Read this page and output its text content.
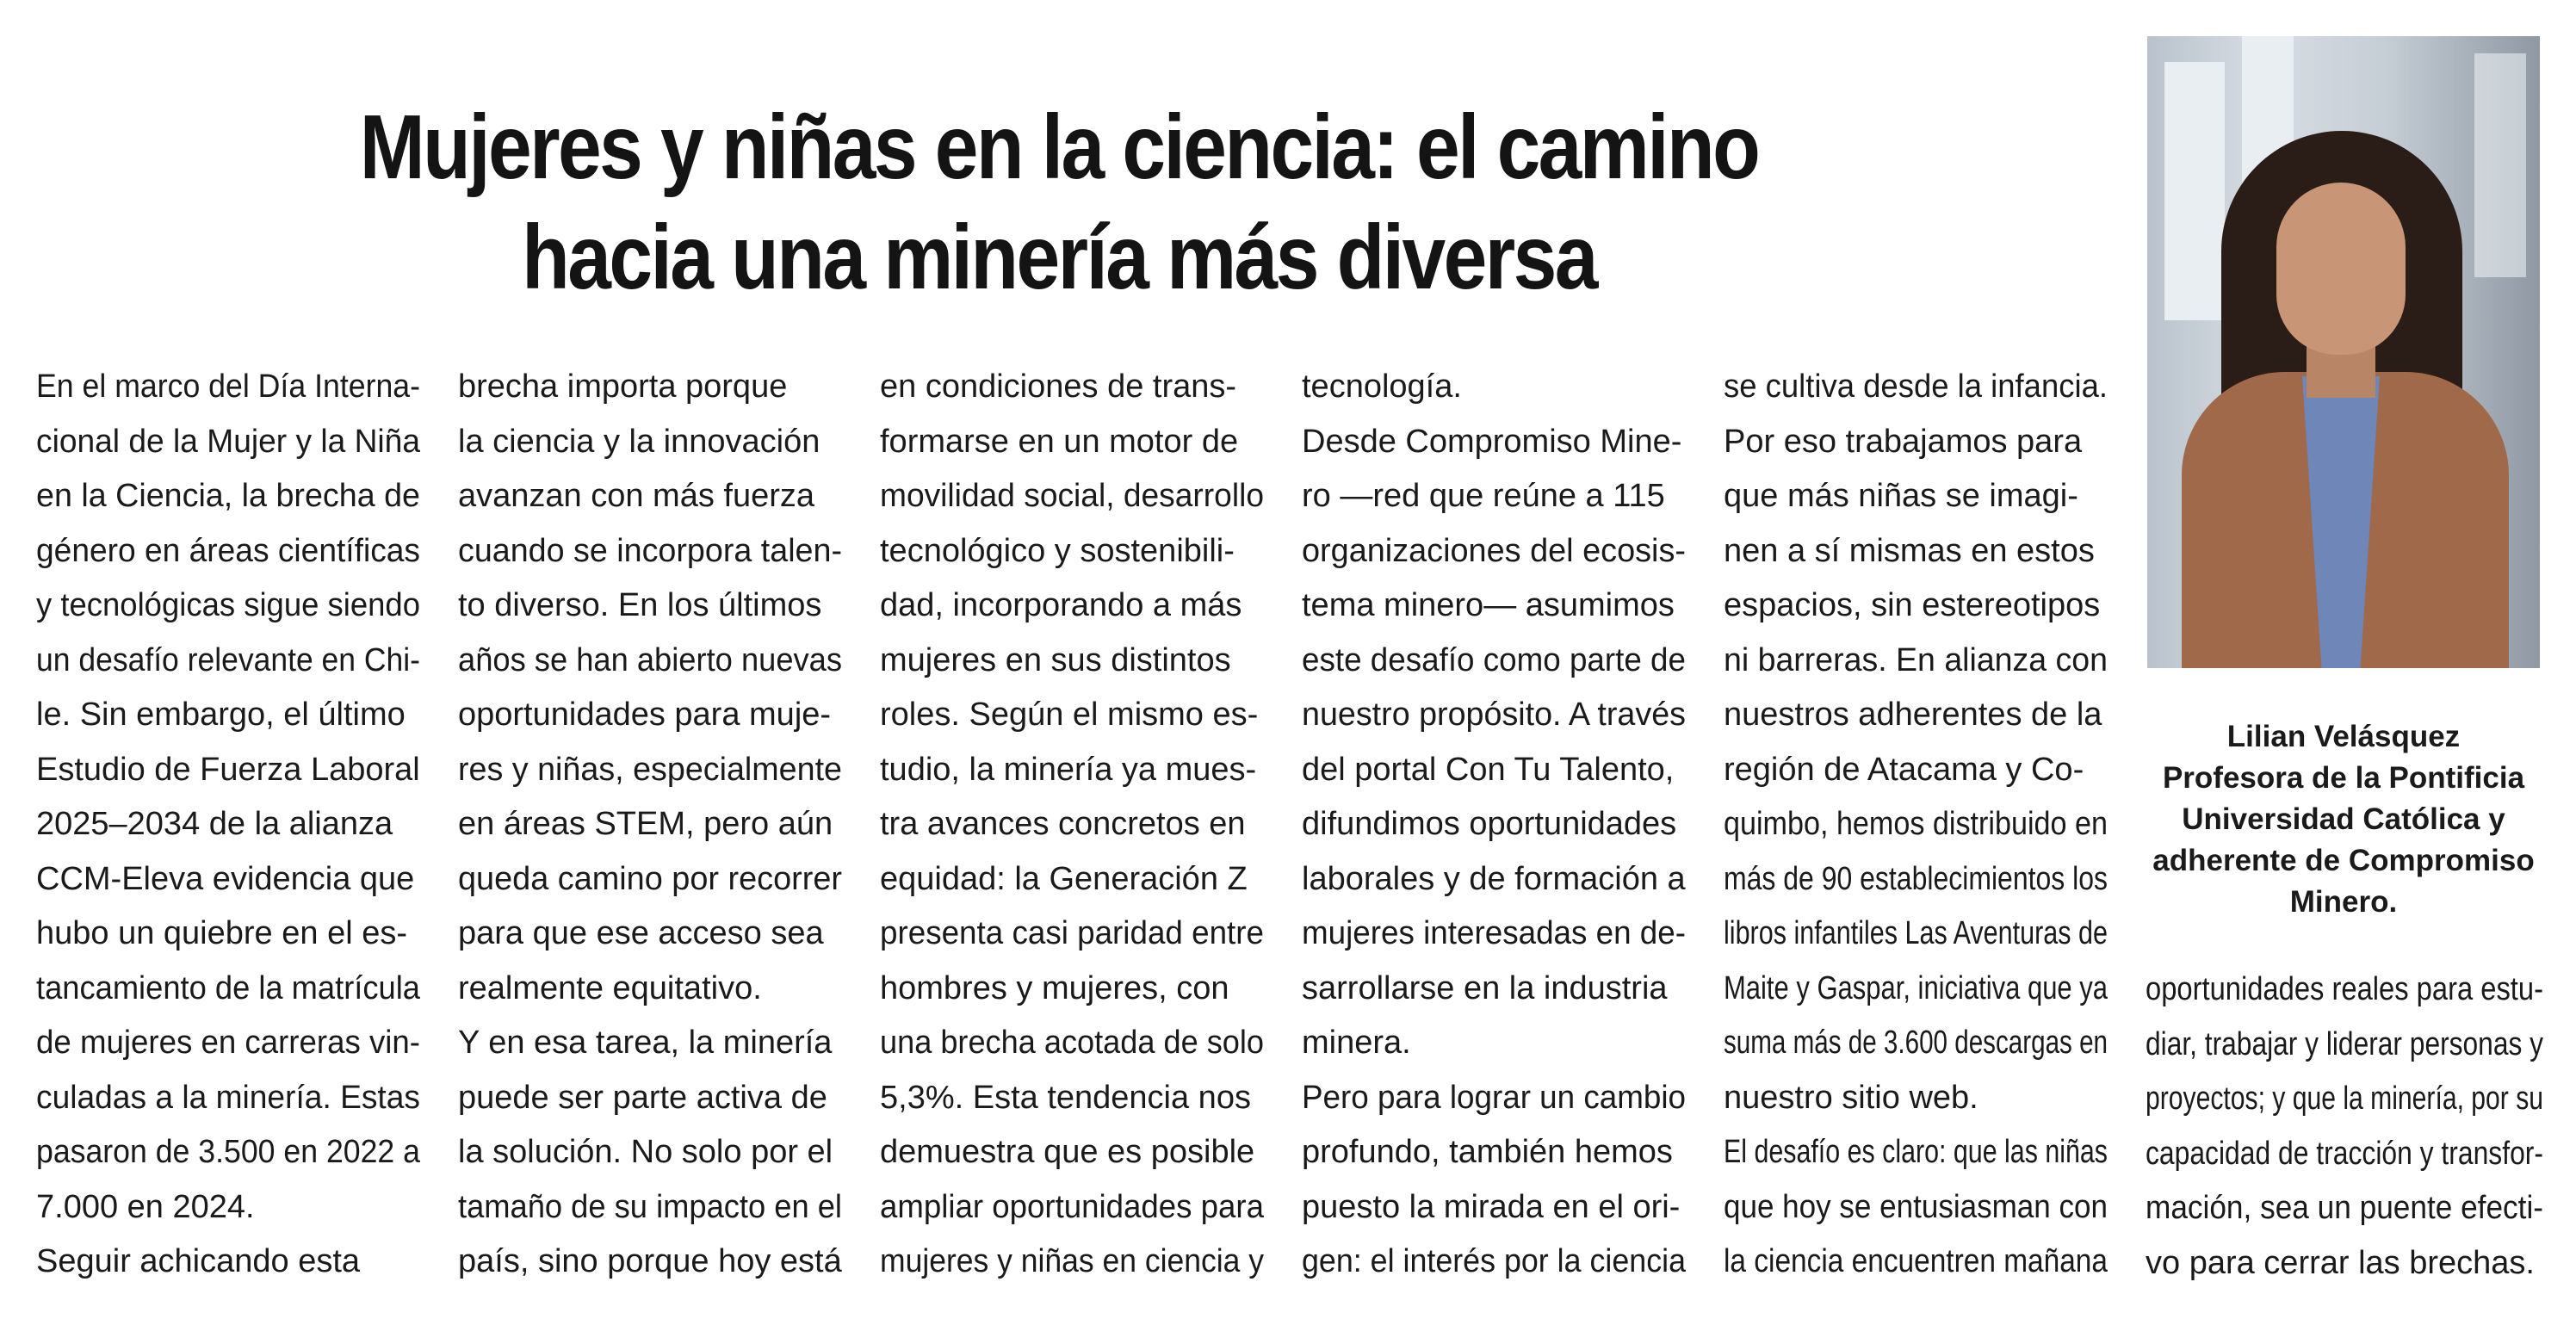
Mujeres y niñas en la ciencia: el camino
hacia una minería más diversa
En el marco del Día Interna-
cional de la Mujer y la Niña
en la Ciencia, la brecha de
género en áreas científicas
y tecnológicas sigue siendo
un desafío relevante en Chi-
le. Sin embargo, el último
Estudio de Fuerza Laboral
2025–2034 de la alianza
CCM-Eleva evidencia que
hubo un quiebre en el es-
tancamiento de la matrícula
de mujeres en carreras vin-
culadas a la minería. Estas
pasaron de 3.500 en 2022 a
7.000 en 2024.
Seguir achicando esta
brecha importa porque
la ciencia y la innovación
avanzan con más fuerza
cuando se incorpora talen-
to diverso. En los últimos
años se han abierto nuevas
oportunidades para muje-
res y niñas, especialmente
en áreas STEM, pero aún
queda camino por recorrer
para que ese acceso sea
realmente equitativo.
Y en esa tarea, la minería
puede ser parte activa de
la solución. No solo por el
tamaño de su impacto en el
país, sino porque hoy está
en condiciones de trans-
formarse en un motor de
movilidad social, desarrollo
tecnológico y sostenibili-
dad, incorporando a más
mujeres en sus distintos
roles. Según el mismo es-
tudio, la minería ya mues-
tra avances concretos en
equidad: la Generación Z
presenta casi paridad entre
hombres y mujeres, con
una brecha acotada de solo
5,3%. Esta tendencia nos
demuestra que es posible
ampliar oportunidades para
mujeres y niñas en ciencia y
tecnología.
Desde Compromiso Mine-
ro —red que reúne a 115
organizaciones del ecosis-
tema minero— asumimos
este desafío como parte de
nuestro propósito. A través
del portal Con Tu Talento,
difundimos oportunidades
laborales y de formación a
mujeres interesadas en de-
sarrollarse en la industria
minera.
Pero para lograr un cambio
profundo, también hemos
puesto la mirada en el ori-
gen: el interés por la ciencia
se cultiva desde la infancia.
Por eso trabajamos para
que más niñas se imagi-
nen a sí mismas en estos
espacios, sin estereotipos
ni barreras. En alianza con
nuestros adherentes de la
región de Atacama y Co-
quimbo, hemos distribuido en
más de 90 establecimientos los
libros infantiles Las Aventuras de
Maite y Gaspar, iniciativa que ya
suma más de 3.600 descargas en
nuestro sitio web.
El desafío es claro: que las niñas
que hoy se entusiasman con
la ciencia encuentren mañana
oportunidades reales para estu-
diar, trabajar y liderar personas y
proyectos; y que la minería, por su
capacidad de tracción y transfor-
mación, sea un puente efecti-
vo para cerrar las brechas.
Lilian Velásquez
Profesora de la Pontificia
Universidad Católica y
adherente de Compromiso
Minero.
